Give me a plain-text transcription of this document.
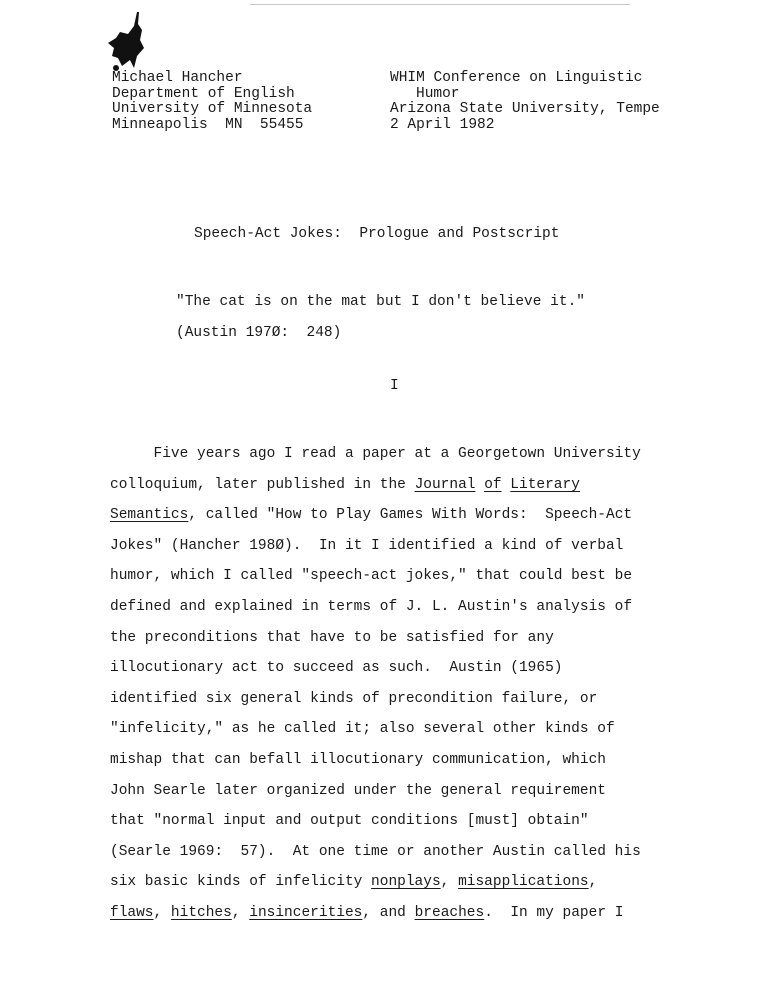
Michael Hancher
Department of English
University of Minnesota
Minneapolis  MN  55455
WHIM Conference on Linguistic
Humor
Arizona State University, Tempe
2 April 1982
Speech-Act Jokes:  Prologue and Postscript
"The cat is on the mat but I don't believe it."
(Austin 197Ø:  248)
I
Five years ago I read a paper at a Georgetown University
colloquium, later published in the Journal of Literary
Semantics, called "How to Play Games With Words:  Speech-Act
Jokes" (Hancher 198Ø).  In it I identified a kind of verbal
humor, which I called "speech-act jokes," that could best be
defined and explained in terms of J. L. Austin's analysis of
the preconditions that have to be satisfied for any
illocutionary act to succeed as such.  Austin (1965)
identified six general kinds of precondition failure, or
"infelicity," as he called it; also several other kinds of
mishap that can befall illocutionary communication, which
John Searle later organized under the general requirement
that "normal input and output conditions [must] obtain"
(Searle 1969:  57).  At one time or another Austin called his
six basic kinds of infelicity nonplays, misapplications,
flaws, hitches, insincerities, and breaches.  In my paper I
